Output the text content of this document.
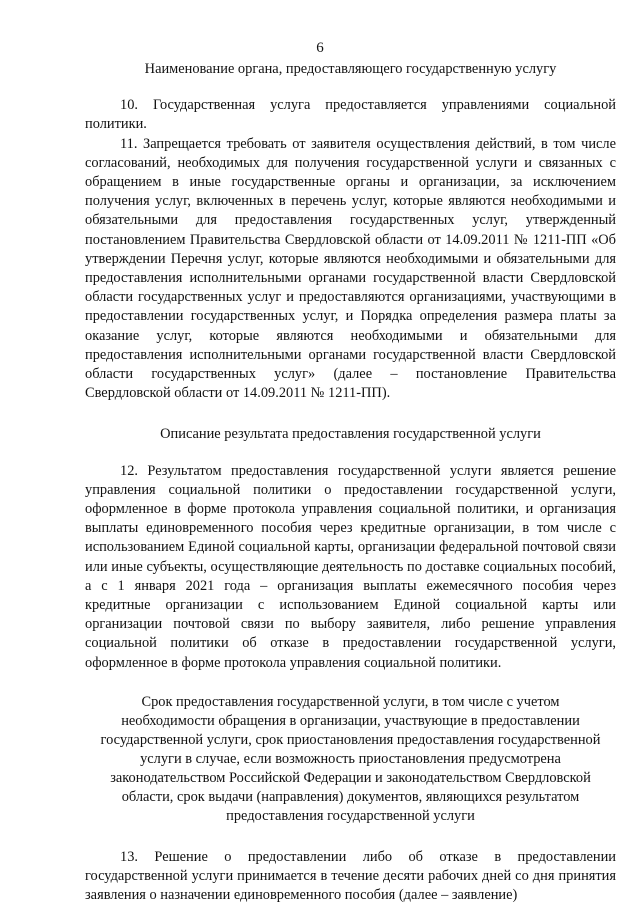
6

Наименование органа, предоставляющего государственную услугу

10. Государственная услуга предоставляется управлениями социальной политики.

11. Запрещается требовать от заявителя осуществления действий, в том числе согласований, необходимых для получения государственной услуги и связанных с обращением в иные государственные органы и организации, за исключением получения услуг, включенных в перечень услуг, которые являются необходимыми и обязательными для предоставления государственных услуг, утвержденный постановлением Правительства Свердловской области от 14.09.2011 № 1211-ПП «Об утверждении Перечня услуг, которые являются необходимыми и обязательными для предоставления исполнительными органами государственной власти Свердловской области государственных услуг и предоставляются организациями, участвующими в предоставлении государственных услуг, и Порядка определения размера платы за оказание услуг, которые являются необходимыми и обязательными для предоставления исполнительными органами государственной власти Свердловской области государственных услуг» (далее – постановление Правительства Свердловской области от 14.09.2011 № 1211-ПП).

Описание результата предоставления государственной услуги

12. Результатом предоставления государственной услуги является решение управления социальной политики о предоставлении государственной услуги, оформленное в форме протокола управления социальной политики, и организация выплаты единовременного пособия через кредитные организации, в том числе с использованием Единой социальной карты, организации федеральной почтовой связи или иные субъекты, осуществляющие деятельность по доставке социальных пособий, а с 1 января 2021 года – организация выплаты ежемесячного пособия через кредитные организации с использованием Единой социальной карты или организации почтовой связи по выбору заявителя, либо решение управления социальной политики об отказе в предоставлении государственной услуги, оформленное в форме протокола управления социальной политики.

Срок предоставления государственной услуги, в том числе с учетом
необходимости обращения в организации, участвующие в предоставлении
государственной услуги, срок приостановления предоставления государственной
услуги в случае, если возможность приостановления предусмотрена
законодательством Российской Федерации и законодательством Свердловской
области, срок выдачи (направления) документов, являющихся результатом
предоставления государственной услуги

13. Решение о предоставлении либо об отказе в предоставлении государственной услуги принимается в течение десяти рабочих дней со дня принятия заявления о назначении единовременного пособия (далее – заявление)
